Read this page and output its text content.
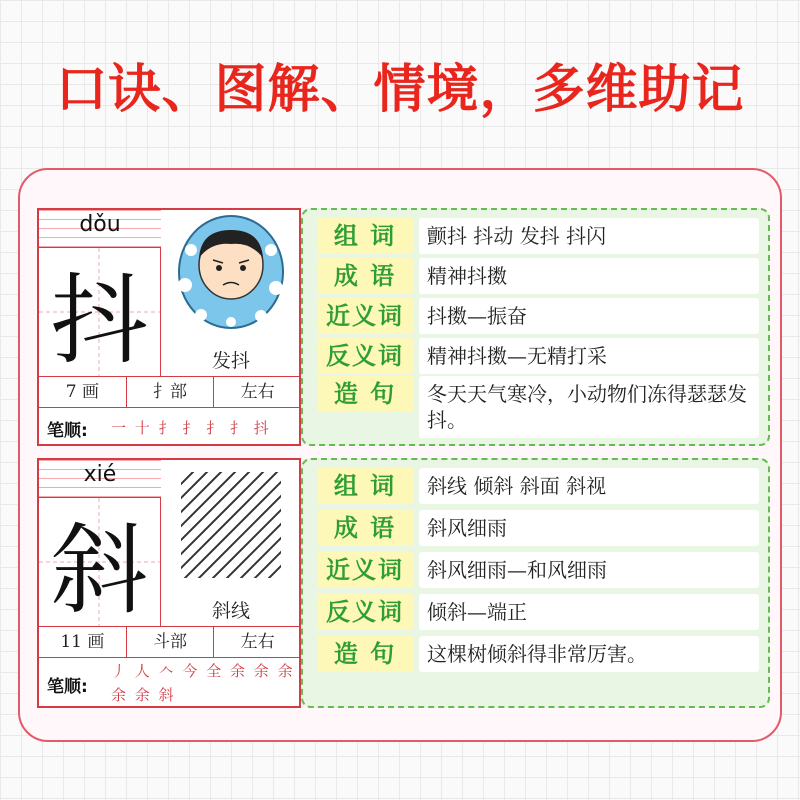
口诀、图解、情境，多维助记
dǒu
抖	发抖
7 画	扌部	左右
笔顺: 一 十 扌 扌 扌 扌 抖
组 词	颤抖 抖动 发抖 抖闪
成 语	精神抖擞
近义词	抖擞—振奋
反义词	精神抖擞—无精打采
造 句	冬天天气寒冷，小动物们冻得瑟瑟发抖。
xié
斜	斜线
11 画	斗部	左右
笔顺:
丿 人 𠆢 今 全 余 余 余
余 余 斜
组 词	斜线 倾斜 斜面 斜视
成 语	斜风细雨
近义词	斜风细雨—和风细雨
反义词	倾斜—端正
造 句	这棵树倾斜得非常厉害。
